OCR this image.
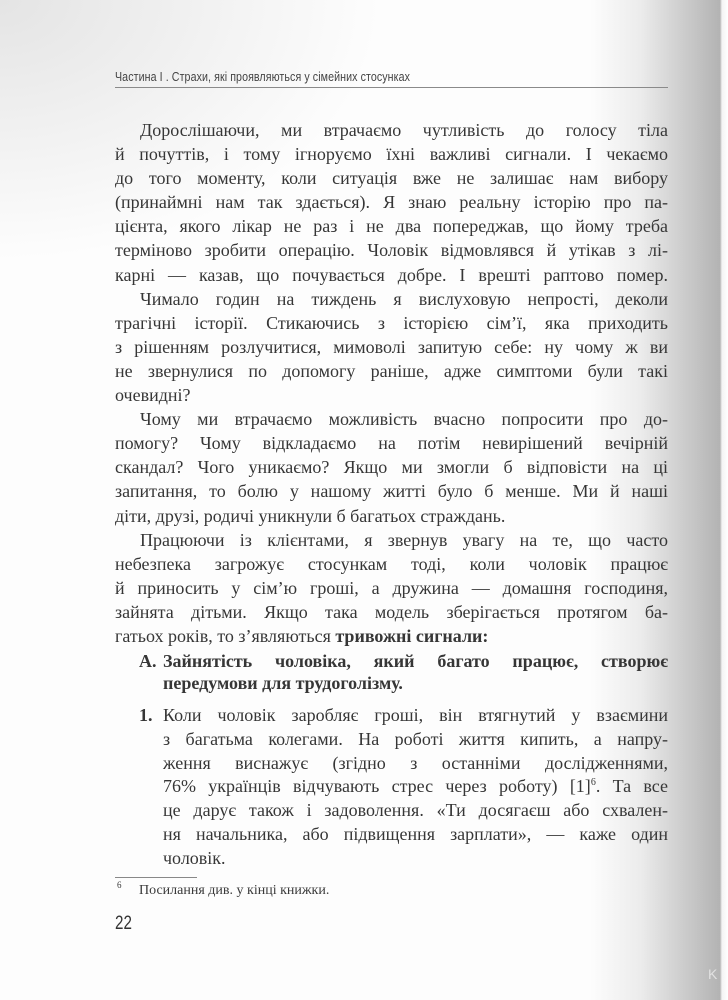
Частина І . Страхи, які проявляються у сімейних стосунках
Дорослішаючи, ми втрачаємо чутливість до голосу тіла
й почуттів, і тому ігноруємо їхні важливі сигнали. І чекаємо
до того моменту, коли ситуація вже не залишає нам вибору
(принаймні нам так здається). Я знаю реальну історію про па-
цієнта, якого лікар не раз і не два попереджав, що йому треба
терміново зробити операцію. Чоловік відмовлявся й утікав з лі-
карні — казав, що почувається добре. І врешті раптово помер.
Чимало годин на тиждень я вислуховую непрості, деколи
трагічні історії. Стикаючись з історією сім’ї, яка приходить
з рішенням розлучитися, мимоволі запитую себе: ну чому ж ви
не звернулися по допомогу раніше, адже симптоми були такі
очевидні?
Чому ми втрачаємо можливість вчасно попросити про до-
помогу? Чому відкладаємо на потім невирішений вечірній
скандал? Чого уникаємо? Якщо ми змогли б відповісти на ці
запитання, то болю у нашому житті було б менше. Ми й наші
діти, друзі, родичі уникнули б багатьох страждань.
Працюючи із клієнтами, я звернув увагу на те, що часто
небезпека загрожує стосункам тоді, коли чоловік працює
й приносить у сім’ю гроші, а дружина — домашня господиня,
зайнята дітьми. Якщо така модель зберігається протягом ба-
гатьох років, то з’являються тривожні сигнали:
А. Зайнятість чоловіка, який багато працює, створює
передумови для трудоголізму.
1. Коли чоловік заробляє гроші, він втягнутий у взаємини
з багатьма колегами. На роботі життя кипить, а напру-
ження виснажує (згідно з останніми дослідженнями,
76% українців відчувають стрес через роботу) $[1]^6$. Та все
це дарує також і задоволення. «Ти досягаєш або схвален-
ня начальника, або підвищення зарплати», — каже один
чоловік.
6 Посилання див. у кінці книжки.
22
K
